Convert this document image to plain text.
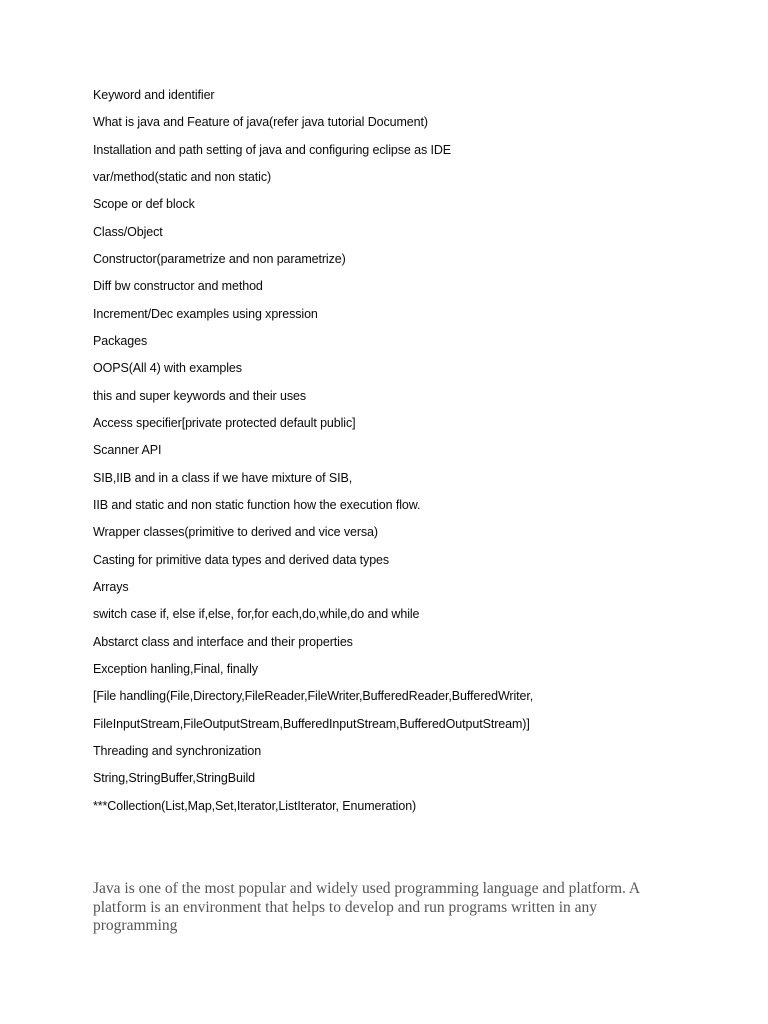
Keyword and identifier
What is java and Feature of java(refer java tutorial Document)
Installation and path setting of java and configuring eclipse as IDE
var/method(static and non static)
Scope or def block
Class/Object
Constructor(parametrize and non parametrize)
Diff bw constructor and method
Increment/Dec examples using xpression
Packages
OOPS(All 4) with examples
this and super keywords and their uses
Access specifier[private protected default public]
Scanner API
SIB,IIB and in a class if we have mixture of SIB,
IIB and static and non static function how the execution flow.
Wrapper classes(primitive to derived and vice versa)
Casting for primitive data types and derived data types
Arrays
switch case if, else if,else, for,for each,do,while,do and while
Abstarct class and interface and their properties
Exception hanling,Final, finally
[File handling(File,Directory,FileReader,FileWriter,BufferedReader,BufferedWriter,
FileInputStream,FileOutputStream,BufferedInputStream,BufferedOutputStream)]
Threading and synchronization
String,StringBuffer,StringBuild
***Collection(List,Map,Set,Iterator,ListIterator, Enumeration)

Java is one of the most popular and widely used programming language and platform. A platform is an environment that helps to develop and run programs written in any programming
